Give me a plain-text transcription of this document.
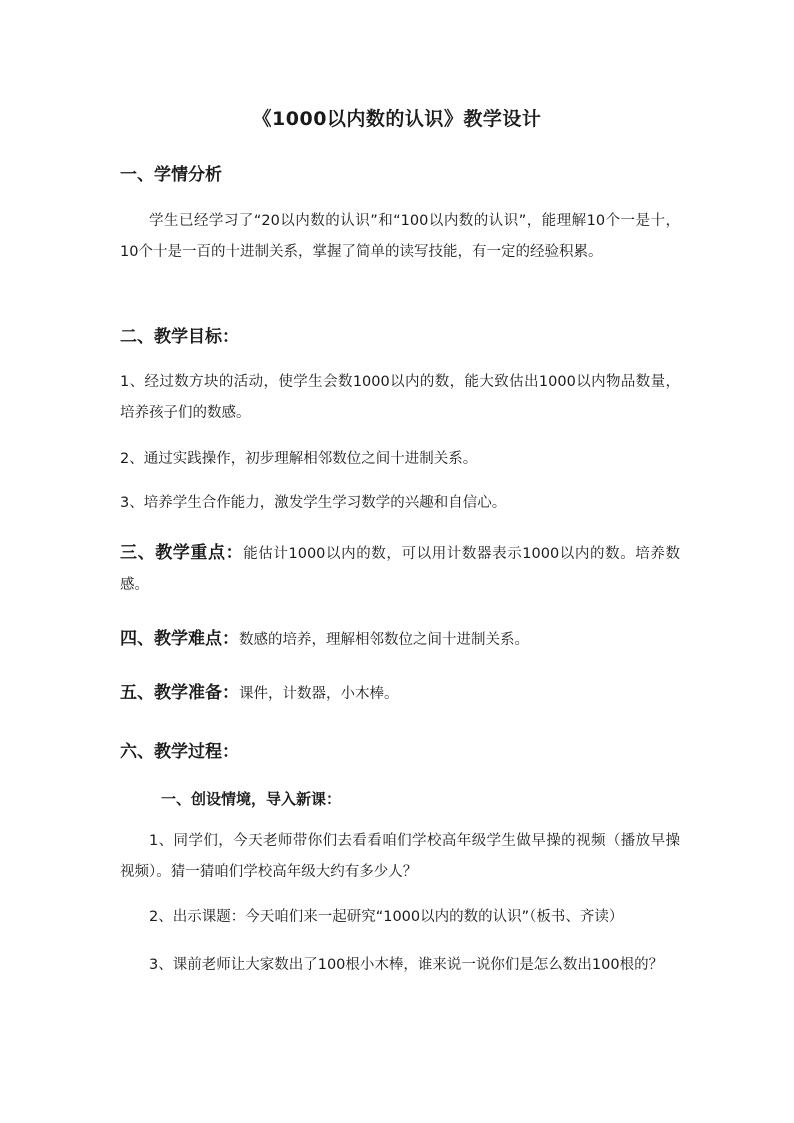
《1000以内数的认识》教学设计
一、学情分析
学生已经学习了“20以内数的认识”和“100以内数的认识”，能理解10个一是十，10个十是一百的十进制关系，掌握了简单的读写技能，有一定的经验积累。
二、教学目标：
1、经过数方块的活动，使学生会数1000以内的数，能大致估出1000以内物品数量，培养孩子们的数感。
2、通过实践操作，初步理解相邻数位之间十进制关系。
3、培养学生合作能力，激发学生学习数学的兴趣和自信心。
三、教学重点：能估计1000以内的数，可以用计数器表示1000以内的数。培养数感。
四、教学难点：数感的培养，理解相邻数位之间十进制关系。
五、教学准备：课件，计数器，小木棒。
六、教学过程：
一、创设情境，导入新课：
1、同学们，今天老师带你们去看看咱们学校高年级学生做早操的视频（播放早操视频）。猜一猜咱们学校高年级大约有多少人？
2、出示课题：今天咱们来一起研究“1000以内的数的认识”（板书、齐读）
3、课前老师让大家数出了100根小木棒，谁来说一说你们是怎么数出100根的？
